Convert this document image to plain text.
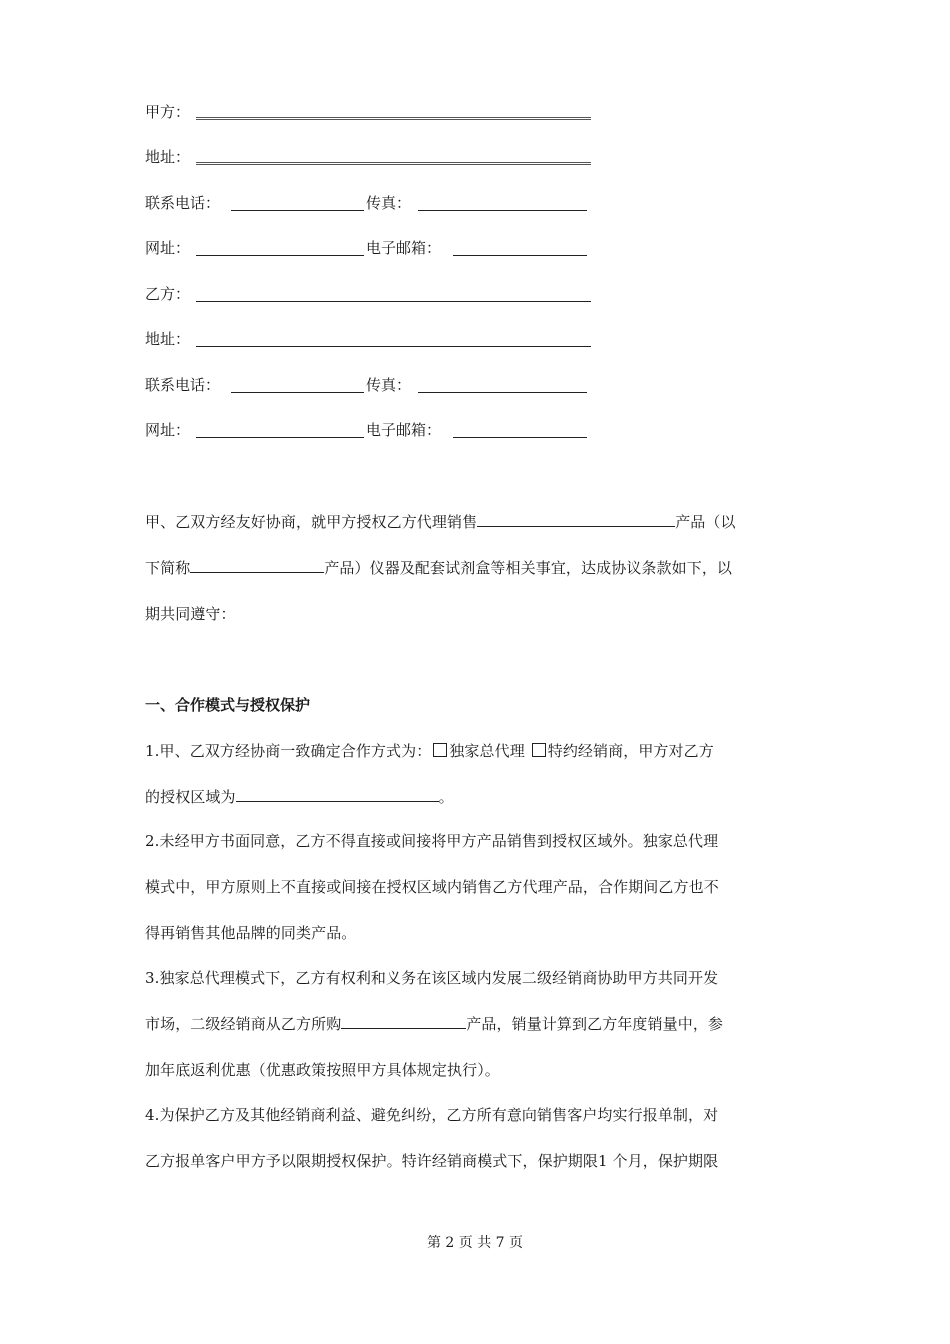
甲方：
地址：
联系电话：	传真：
网址：	电子邮箱：
乙方：
地址：
联系电话：	传真：
网址：	电子邮箱：
甲、乙双方经友好协商，就甲方授权乙方代理销售	产品（以
下简称	产品）仪器及配套试剂盒等相关事宜，达成协议条款如下，以
期共同遵守：
一、合作模式与授权保护
1.甲、乙双方经协商一致确定合作方式为： 独家总代理 特约经销商，甲方对乙方
的授权区域为	。
2.未经甲方书面同意，乙方不得直接或间接将甲方产品销售到授权区域外。独家总代理
模式中，甲方原则上不直接或间接在授权区域内销售乙方代理产品，合作期间乙方也不
得再销售其他品牌的同类产品。
3.独家总代理模式下，乙方有权利和义务在该区域内发展二级经销商协助甲方共同开发
市场，二级经销商从乙方所购	产品，销量计算到乙方年度销量中，参
加年底返利优惠（优惠政策按照甲方具体规定执行）。
4.为保护乙方及其他经销商利益、避免纠纷，乙方所有意向销售客户均实行报单制，对
乙方报单客户甲方予以限期授权保护。特许经销商模式下，保护期限1 个月，保护期限
第 2 页 共 7 页
